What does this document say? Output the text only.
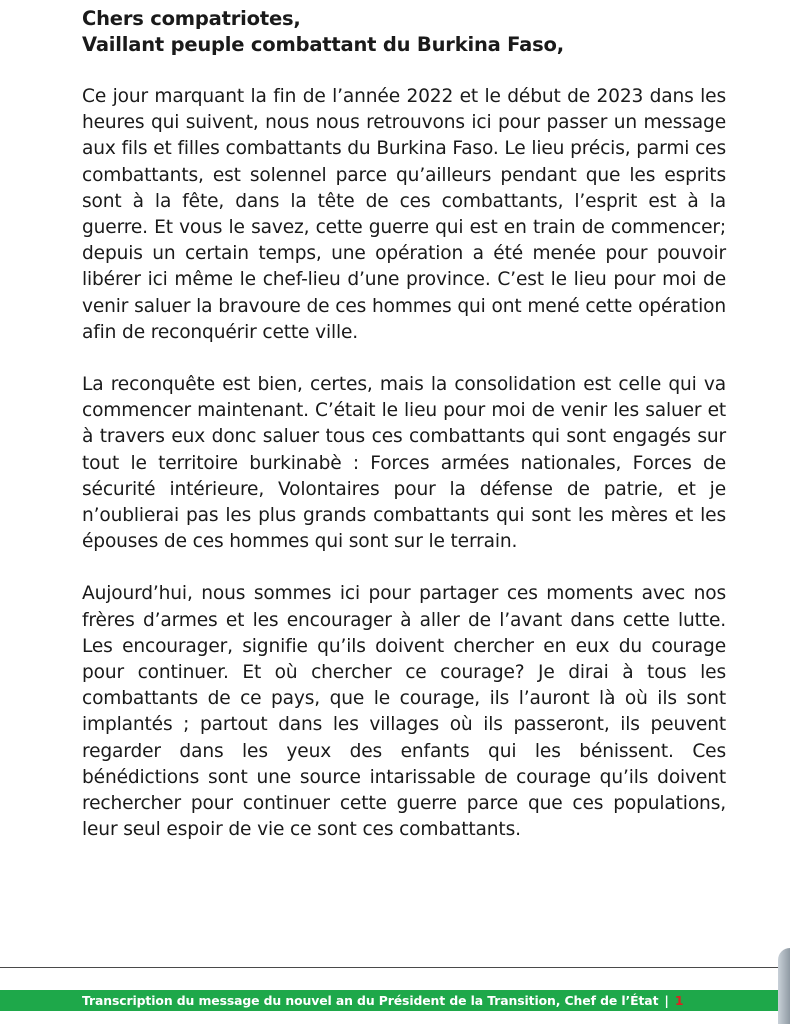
Chers compatriotes,
Vaillant peuple combattant du Burkina Faso,

Ce jour marquant la fin de l’année 2022 et le début de 2023 dans les heures qui suivent, nous nous retrouvons ici pour passer un message aux fils et filles combattants du Burkina Faso. Le lieu précis, parmi ces combattants, est solennel parce qu’ailleurs pendant que les esprits sont à la fête, dans la tête de ces combattants, l’esprit est à la guerre. Et vous le savez, cette guerre qui est en train de commencer; depuis un certain temps, une opération a été menée pour pouvoir libérer ici même le chef-lieu d’une province. C’est le lieu pour moi de venir saluer la bravoure de ces hommes qui ont mené cette opération afin de reconquérir cette ville.

La reconquête est bien, certes, mais la consolidation est celle qui va commencer maintenant. C’était le lieu pour moi de venir les saluer et à travers eux donc saluer tous ces combattants qui sont engagés sur tout le territoire burkinabè : Forces armées nationales, Forces de sécurité intérieure, Volontaires pour la défense de patrie, et je n’oublierai pas les plus grands combattants qui sont les mères et les épouses de ces hommes qui sont sur le terrain.

Aujourd’hui, nous sommes ici pour partager ces moments avec nos frères d’armes et les encourager à aller de l’avant dans cette lutte. Les encourager, signifie qu’ils doivent chercher en eux du courage pour continuer. Et où chercher ce courage? Je dirai à tous les combattants de ce pays, que le courage, ils l’auront là où ils sont implantés ; partout dans les villages où ils passeront, ils peuvent regarder dans les yeux des enfants qui les bénissent. Ces bénédictions sont une source intarissable de courage qu’ils doivent rechercher pour continuer cette guerre parce que ces populations, leur seul espoir de vie ce sont ces combattants.

Transcription du message du nouvel an du Président de la Transition, Chef de l’État | 1
